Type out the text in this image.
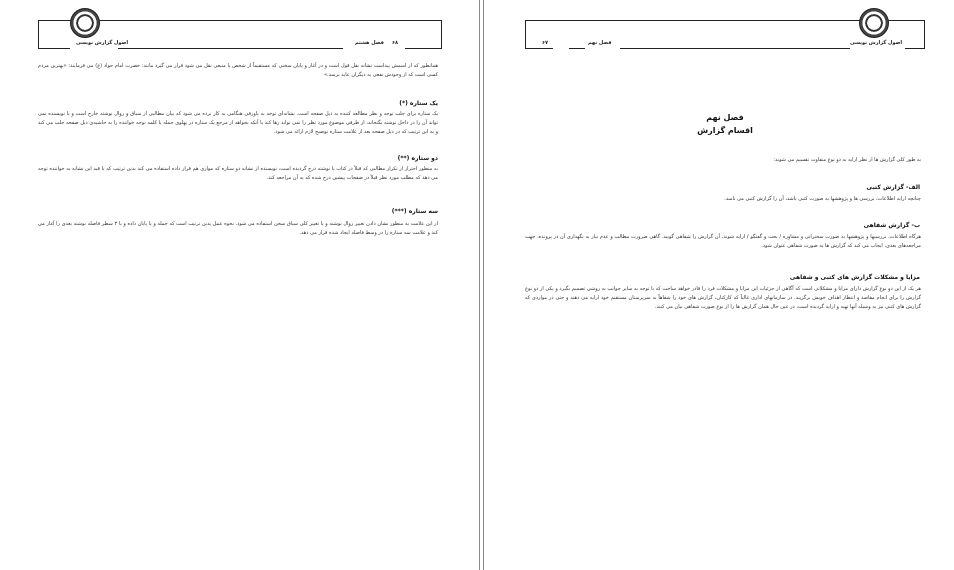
اصول گزارش نویسی	فصل هشتم ۶۸
همانطور که از اسمش پیداست نشانه نقل قول است و در آغاز و پایان سخنی که مستقیماً از شخص یا منبعی نقل می شود قرار می گیرد مانند: حضرت امام جواد (ع) می فرمایند: «بهترین مردم کسی است که از وجودش نفعی به دیگران عاید برسد.»
یک ستاره (*)
یک ستاره برای جلب توجه و نظر مطالعه کننده به ذیل صفحه است. نشانه‌ای توجه به پاورقی هنگامی به کار برده می شود که بیان مطالبی از سیاق و روال نوشته خارج است و یا نویسنده نمی تواند آن را در داخل نوشته بگنجاند، از طرفی موضوع مورد نظر را نمی تواند رها کند یا آنکه بخواهد از مرجع یک ستاره در پهلوی جمله یا کلمه توجه خواننده را به حاشیه‌ی ذیل صفحه جلب می کند و به این ترتیب که در ذیل صفحه بعد از علامت ستاره توضیح لازم ارائه می شود.
دو ستاره (**)
به منظور احتراز از تکرار مطالبی که قبلاً در کتاب یا نوشته درج گردیده است، نویسنده از نشانه دو ستاره که موازی هم قرار داده استفاده می کند بدین ترتیب که با قید این نشانه به خواننده توجه می دهد که مطلب مورد نظر قبلاً در صفحات پیشین درج شده که به آن مراجعه کند.
سه ستاره (***)
از این علامت به منظور نشان دادن تغییر روال نوشته و یا تغییر کلی سیاق سخن استفاده می شود. نحوه عمل بدین ترتیب است که جمله و یا پایان داده و با ۳ سطر فاصله نوشته بعدی را آغاز می کند و علامت سه ستاره را در وسط فاصله ایجاد شده قرار می دهد.
۶۷	فصل نهم	اصول گزارش نویسی
فصل نهم
اقسام گزارش
به طور کلی گزارش ها از نظر ارایه به دو نوع متفاوت تقسیم می شوند:
الف- گزارش کتبی
چنانچه ارایه اطلاعات، بررسی ها و پژوهشها به صورت کتبی باشد، آن را گزارش کتبی می نامند.
ب- گزارش شفاهی
هرگاه اطلاعات، بررسیها و پژوهشها به صورت سخنرانی و مشاوره / بحث و گفتگو / ارایه شوند، آن گزارش را شفاهی گویند. گاهی ضرورت مطالب و عدم نیاز به نگهداری آن در پرونده، جهت مراجعه‌های بعدی، ایجاب می کند که گزارش ها به صورت شفاهی عنوان شود.
مزایا و مشکلات گزارش های کتبی و شفاهی
هر یک از این دو نوع گزارش دارای مزایا و مشکلاتی است که آگاهی از جزئیات این مزایا و مشکلات فرد را قادر خواهد ساخت که با توجه به سایر جوانب به روشی تصمیم بگیرد و یکی از دو نوع گزارش را برای انجام مقاصد و انتظار اهداف خویش برگزیند. در سازمانهای اداری غالباً که کارکنان، گزارش های خود را شفاهاً به سرپرستان مستقیم خود ارایه می دهند و حتی در مواردی که گزارش های کتبی نیز به وسیله آنها تهیه و ارایه گردیده است، در عین حال همان گزارش ها را از نوع صورت شفاهی بیان می کنند.
